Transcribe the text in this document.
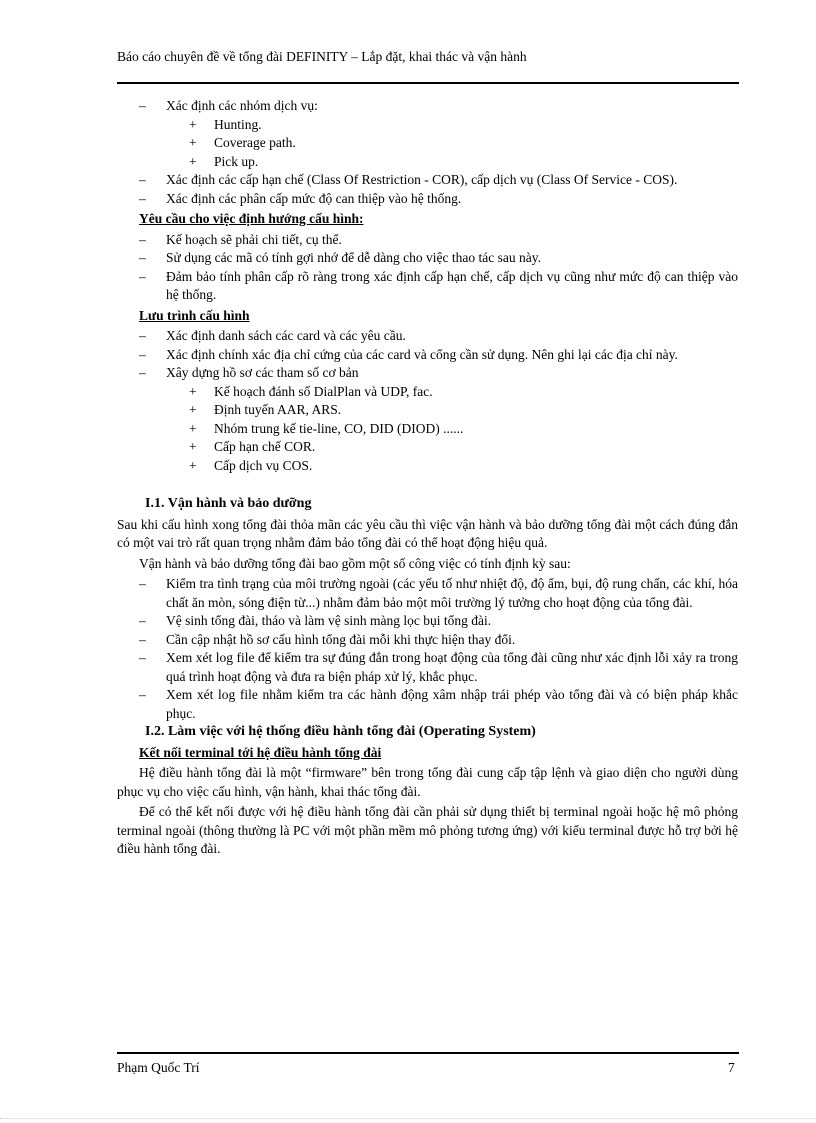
Báo cáo chuyên đề về tổng đài DEFINITY – Lắp đặt, khai thác và vận hành
– Xác định các nhóm dịch vụ:
+ Hunting.
+ Coverage path.
+ Pick up.
– Xác định các cấp hạn chế (Class Of Restriction - COR), cấp dịch vụ (Class Of Service - COS).
– Xác định các phân cấp mức độ can thiệp vào hệ thống.
Yêu cầu cho việc định hướng cấu hình:
– Kế hoạch sẽ phải chi tiết, cụ thể.
– Sử dụng các mã có tính gợi nhớ để dễ dàng cho việc thao tác sau này.
– Đảm bảo tính phân cấp rõ ràng trong xác định cấp hạn chế, cấp dịch vụ cũng như mức độ can thiệp vào hệ thống.
Lưu trình cấu hình
– Xác định danh sách các card và các yêu cầu.
– Xác định chính xác địa chỉ cứng của các card và cổng cần sử dụng. Nên ghi lại các địa chỉ này.
– Xây dựng hồ sơ các tham số cơ bản
+ Kế hoạch đánh số DialPlan và UDP, fac.
+ Định tuyến AAR, ARS.
+ Nhóm trung kế tie-line, CO, DID (DIOD) ......
+ Cấp hạn chế COR.
+ Cấp dịch vụ COS.
I.1. Vận hành và bảo dưỡng
Sau khi cấu hình xong tổng đài thỏa mãn các yêu cầu thì việc vận hành và bảo dưỡng tổng đài một cách đúng đắn có một vai trò rất quan trọng nhằm đảm bảo tổng đài có thể hoạt động hiệu quả.
Vận hành và bảo dưỡng tổng đài bao gồm một số công việc có tính định kỳ sau:
– Kiểm tra tình trạng của môi trường ngoài (các yếu tố như nhiệt độ, độ ẩm, bụi, độ rung chấn, các khí, hóa chất ăn mòn, sóng điện từ...) nhằm đảm bảo một môi trường lý tưởng cho hoạt động của tổng đài.
– Vệ sinh tổng đài, tháo và làm vệ sinh màng lọc bụi tổng đài.
– Cần cập nhật hồ sơ cấu hình tổng đài mỗi khi thực hiện thay đổi.
– Xem xét log file để kiểm tra sự đúng đắn trong hoạt động của tổng đài cũng như xác định lỗi xảy ra trong quá trình hoạt động và đưa ra biện pháp xử lý, khắc phục.
– Xem xét log file nhằm kiểm tra các hành động xâm nhập trái phép vào tổng đài và có biện pháp khắc phục.
I.2. Làm việc với hệ thống điều hành tổng đài (Operating System)
Kết nối terminal tới hệ điều hành tổng đài
Hệ điều hành tổng đài là một “firmware” bên trong tổng đài cung cấp tập lệnh và giao diện cho người dùng phục vụ cho việc cấu hình, vận hành, khai thác tổng đài.
Để có thể kết nối được với hệ điều hành tổng đài cần phải sử dụng thiết bị terminal ngoài hoặc hệ mô phỏng terminal ngoài (thông thường là PC với một phần mềm mô phỏng tương ứng) với kiểu terminal được hỗ trợ bởi hệ điều hành tổng đài.
Phạm Quốc Trí	7
